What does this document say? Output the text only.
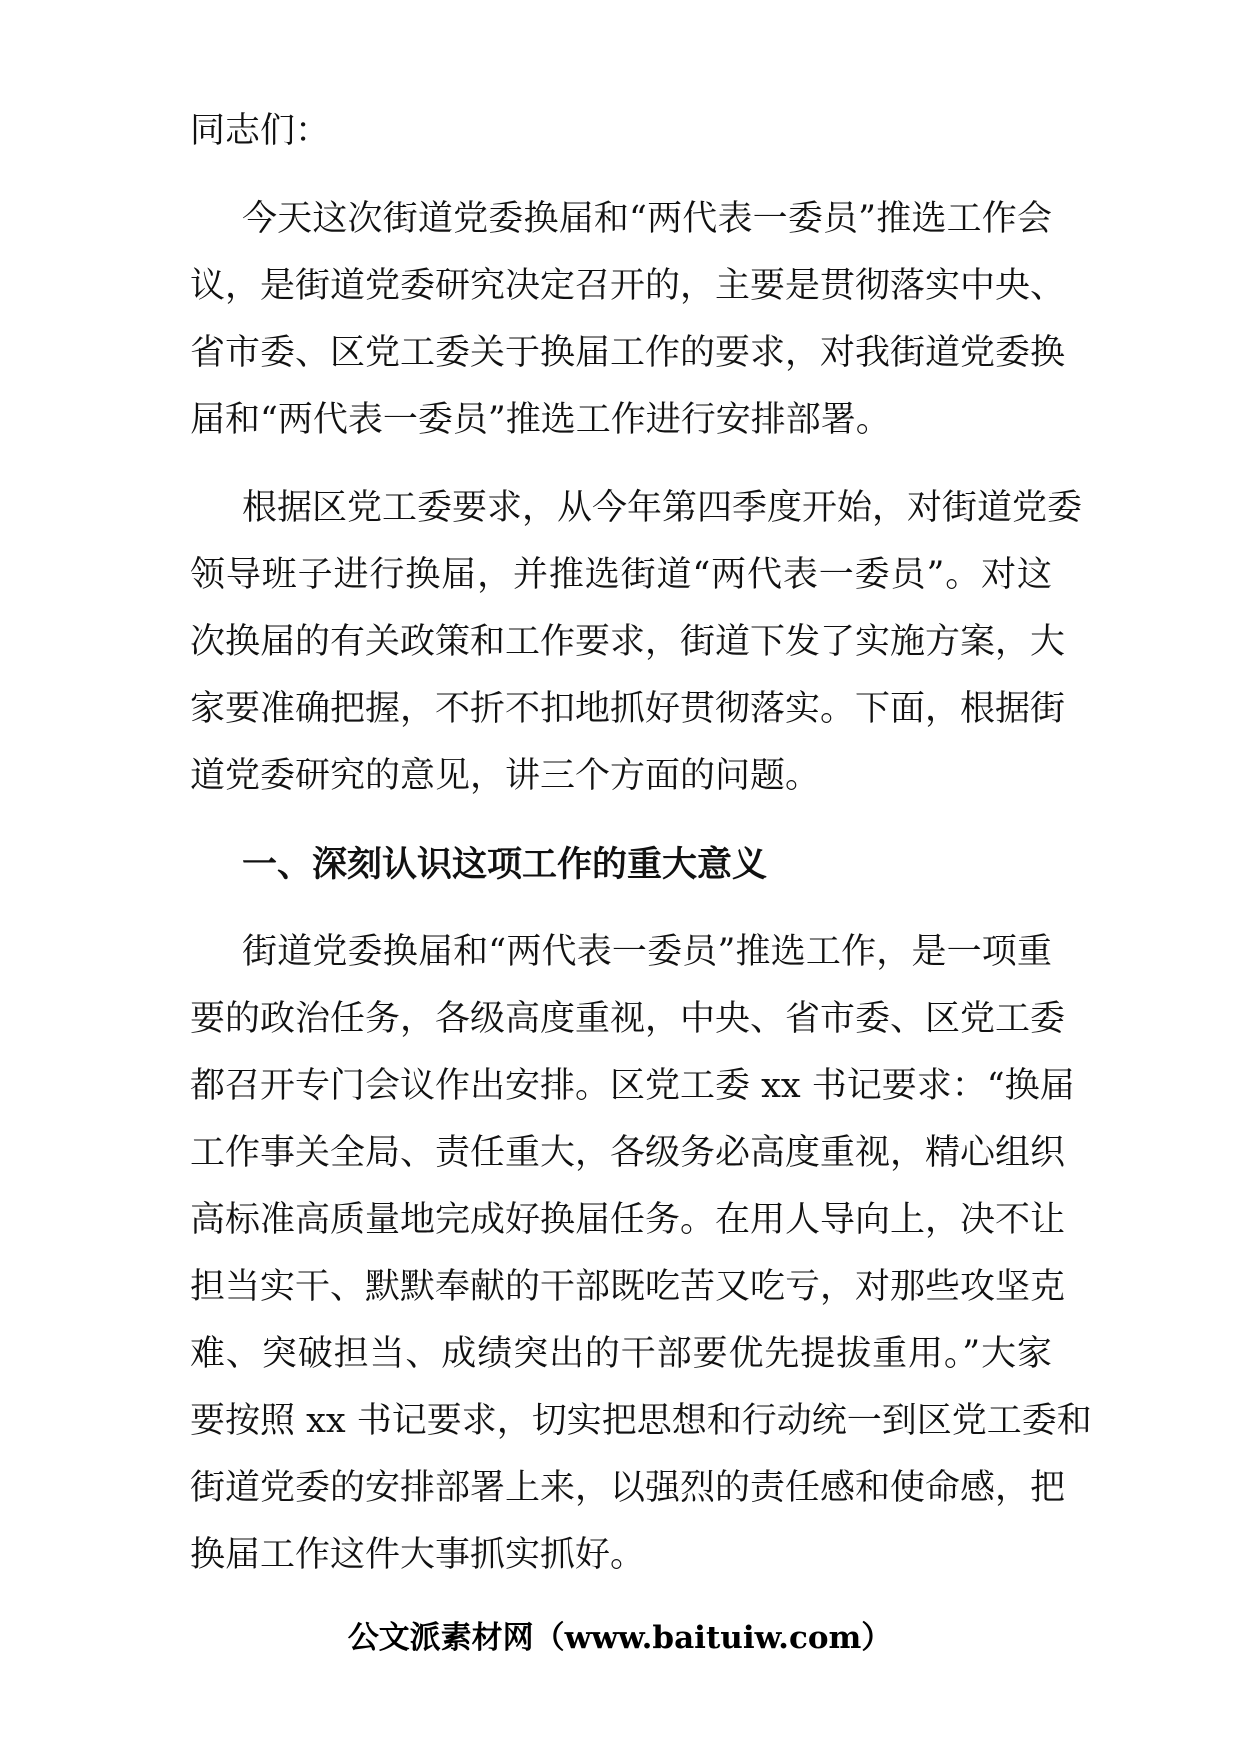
同志们：
今天这次街道党委换届和“两代表一委员”推选工作会
议，是街道党委研究决定召开的，主要是贯彻落实中央、
省市委、区党工委关于换届工作的要求，对我街道党委换
届和“两代表一委员”推选工作进行安排部署。
根据区党工委要求，从今年第四季度开始，对街道党委
领导班子进行换届，并推选街道“两代表一委员”。对这
次换届的有关政策和工作要求，街道下发了实施方案，大
家要准确把握，不折不扣地抓好贯彻落实。下面，根据街
道党委研究的意见，讲三个方面的问题。
一、深刻认识这项工作的重大意义
街道党委换届和“两代表一委员”推选工作，是一项重
要的政治任务，各级高度重视，中央、省市委、区党工委
都召开专门会议作出安排。区党工委 xx 书记要求：“换届
工作事关全局、责任重大，各级务必高度重视，精心组织
高标准高质量地完成好换届任务。在用人导向上，决不让
担当实干、默默奉献的干部既吃苦又吃亏，对那些攻坚克
难、突破担当、成绩突出的干部要优先提拔重用。”大家
要按照 xx 书记要求，切实把思想和行动统一到区党工委和
街道党委的安排部署上来，以强烈的责任感和使命感，把
换届工作这件大事抓实抓好。
公文派素材网（www.baituiw.com）
